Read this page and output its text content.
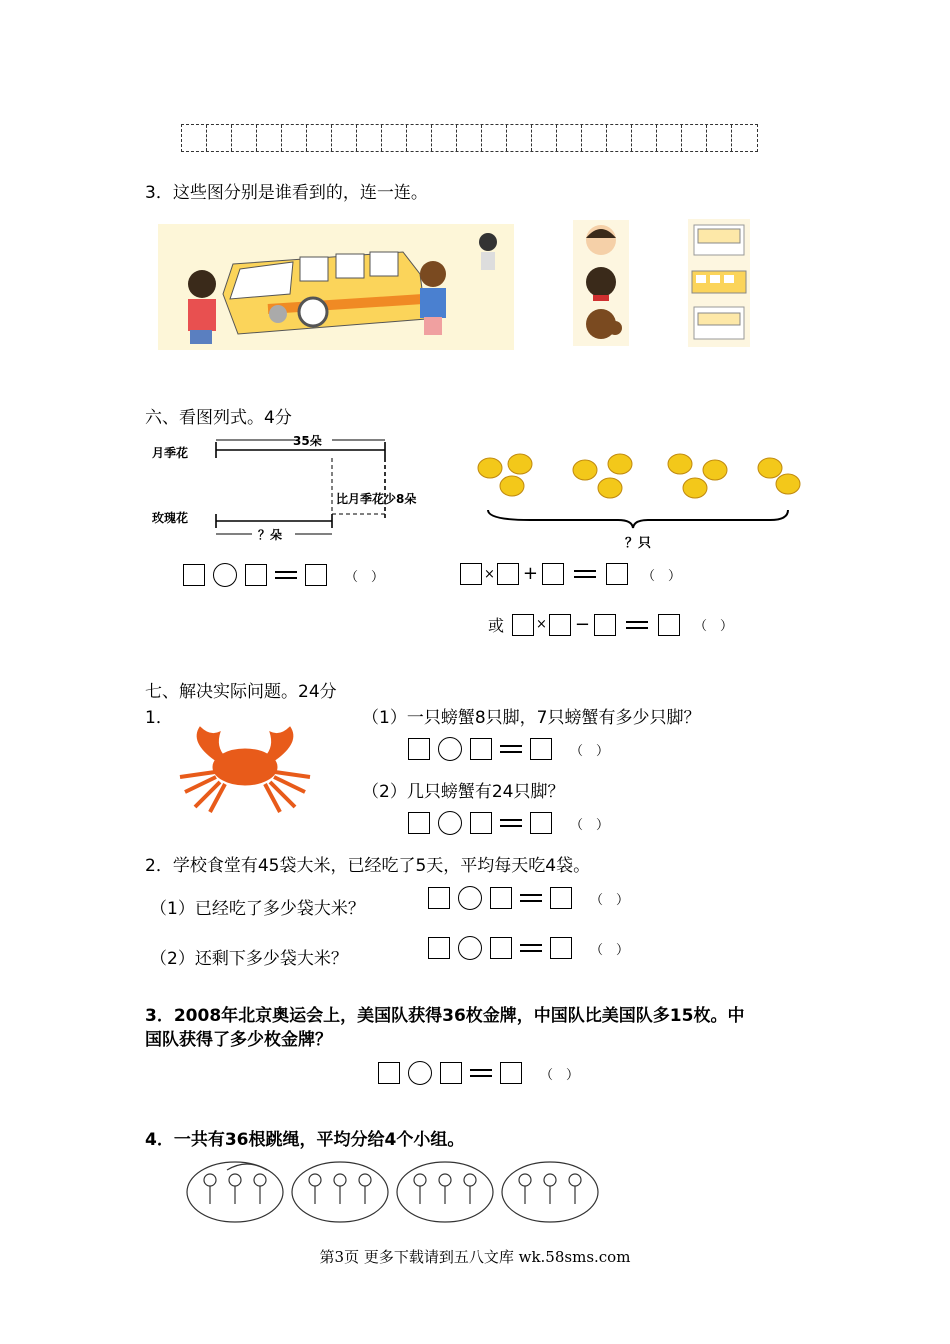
3．这些图分别是谁看到的，连一连。
六、看图列式。4分
月季花
玫瑰花
35朵
？朵
比月季花少8朵
？只
（　）	× +	（　）
或 × −	（　）
七、解决实际问题。24分
1．	（1）一只螃蟹8只脚，7只螃蟹有多少只脚？
（　）
（2）几只螃蟹有24只脚？
（　）
2．学校食堂有45袋大米，已经吃了5天，平均每天吃4袋。
（1）已经吃了多少袋大米？	（　）
（2）还剩下多少袋大米？	（　）
3．2008年北京奥运会上，美国队获得36枚金牌，中国队比美国队多15枚。中
国队获得了多少枚金牌？
（　）
4．一共有36根跳绳，平均分给4个小组。
第3页 更多下载请到五八文库 wk.58sms.com
